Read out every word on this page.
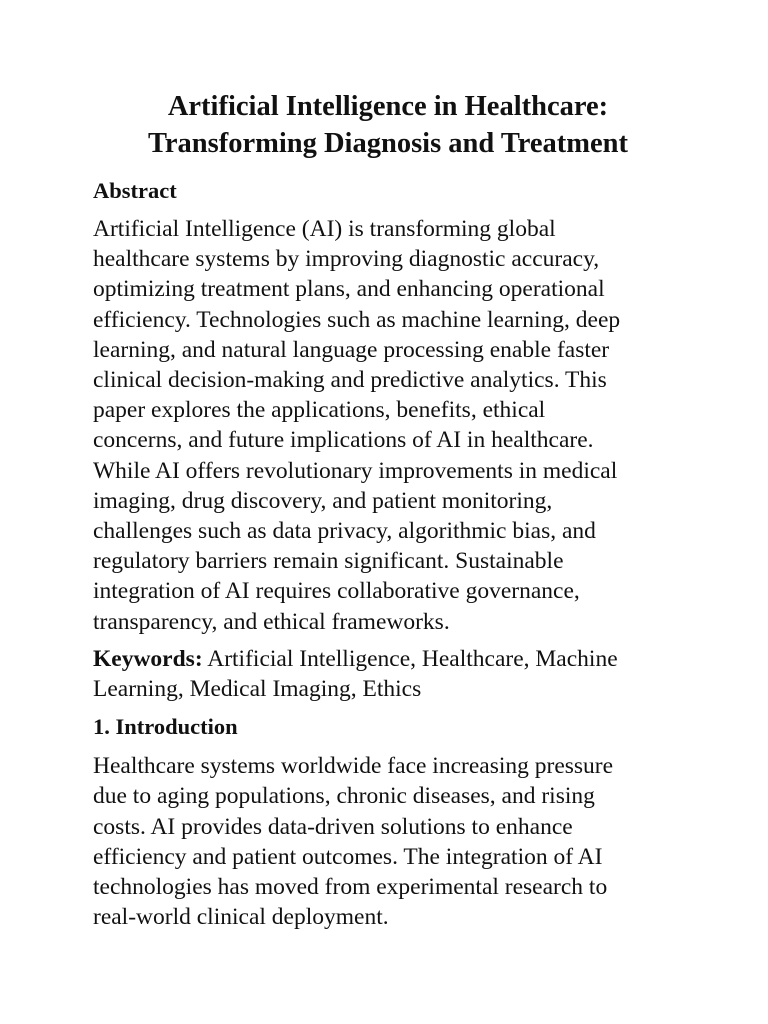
Artificial Intelligence in Healthcare:
Transforming Diagnosis and Treatment
Abstract

Artificial Intelligence (AI) is transforming global
healthcare systems by improving diagnostic accuracy,
optimizing treatment plans, and enhancing operational
efficiency. Technologies such as machine learning, deep
learning, and natural language processing enable faster
clinical decision-making and predictive analytics. This
paper explores the applications, benefits, ethical
concerns, and future implications of AI in healthcare.
While AI offers revolutionary improvements in medical
imaging, drug discovery, and patient monitoring,
challenges such as data privacy, algorithmic bias, and
regulatory barriers remain significant. Sustainable
integration of AI requires collaborative governance,
transparency, and ethical frameworks.

Keywords: Artificial Intelligence, Healthcare, Machine
Learning, Medical Imaging, Ethics

1. Introduction

Healthcare systems worldwide face increasing pressure
due to aging populations, chronic diseases, and rising
costs. AI provides data-driven solutions to enhance
efficiency and patient outcomes. The integration of AI
technologies has moved from experimental research to
real-world clinical deployment.
